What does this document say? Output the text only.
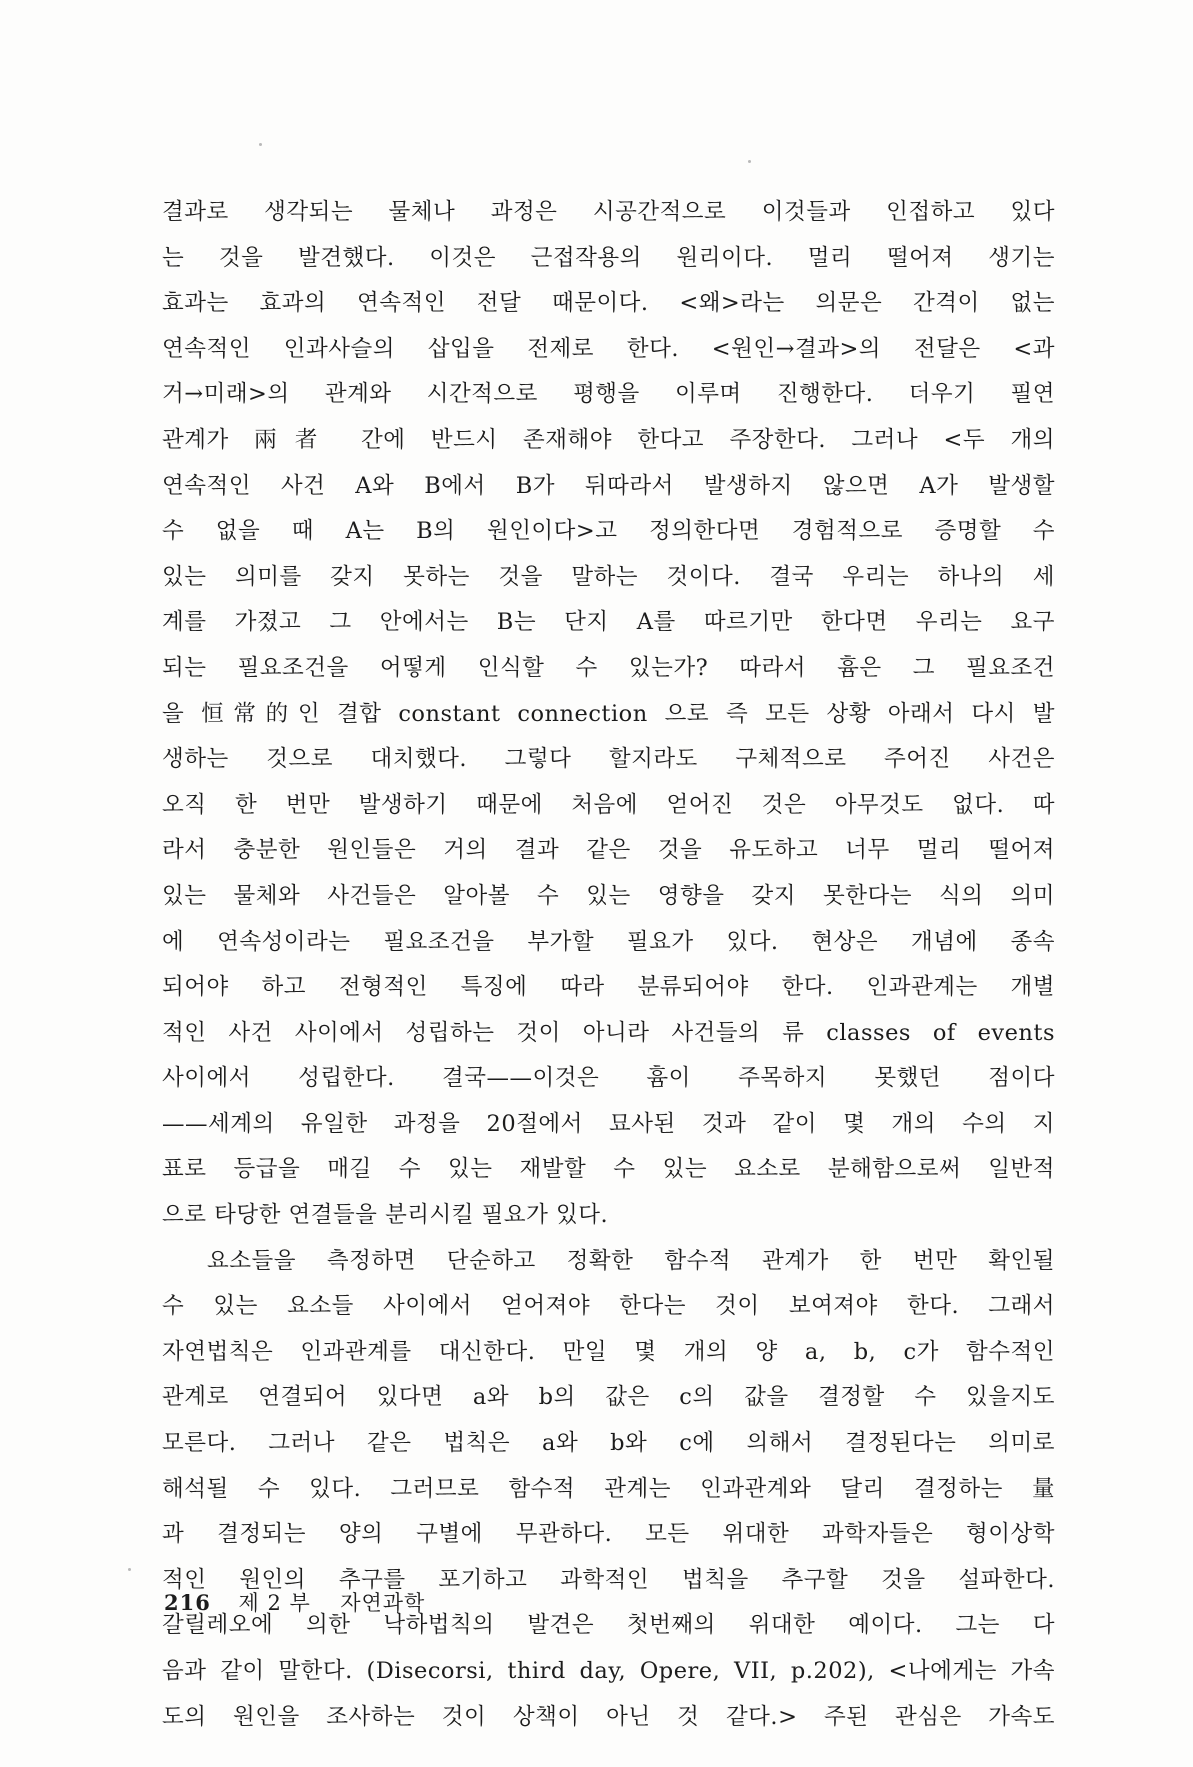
결과로 생각되는 물체나 과정은 시공간적으로 이것들과 인접하고 있다
는 것을 발견했다. 이것은 근접작용의 원리이다. 멀리 떨어져 생기는
효과는 효과의 연속적인 전달 때문이다. <왜>라는 의문은 간격이 없는
연속적인 인과사슬의 삽입을 전제로 한다. <원인→결과>의 전달은 <과
거→미래>의 관계와 시간적으로 평행을 이루며 진행한다. 더우기 필연
관계가 兩者 간에 반드시 존재해야 한다고 주장한다. 그러나 <두 개의
연속적인 사건 A와 B에서 B가 뒤따라서 발생하지 않으면 A가 발생할
수 없을 때 A는 B의 원인이다>고 정의한다면 경험적으로 증명할 수
있는 의미를 갖지 못하는 것을 말하는 것이다. 결국 우리는 하나의 세
계를 가졌고 그 안에서는 B는 단지 A를 따르기만 한다면 우리는 요구
되는 필요조건을 어떻게 인식할 수 있는가? 따라서 흄은 그 필요조건
을 恒常的인 결합 constant connection 으로 즉 모든 상황 아래서 다시 발
생하는 것으로 대치했다. 그렇다 할지라도 구체적으로 주어진 사건은
오직 한 번만 발생하기 때문에 처음에 얻어진 것은 아무것도 없다. 따
라서 충분한 원인들은 거의 결과 같은 것을 유도하고 너무 멀리 떨어져
있는 물체와 사건들은 알아볼 수 있는 영향을 갖지 못한다는 식의 의미
에 연속성이라는 필요조건을 부가할 필요가 있다. 현상은 개념에 종속
되어야 하고 전형적인 특징에 따라 분류되어야 한다. 인과관계는 개별
적인 사건 사이에서 성립하는 것이 아니라 사건들의 류 classes of events
사이에서 성립한다. 결국——이것은 흄이 주목하지 못했던 점이다
——세계의 유일한 과정을 20절에서 묘사된 것과 같이 몇 개의 수의 지
표로 등급을 매길 수 있는 재발할 수 있는 요소로 분해함으로써 일반적
으로 타당한 연결들을 분리시킬 필요가 있다.
요소들을 측정하면 단순하고 정확한 함수적 관계가 한 번만 확인될
수 있는 요소들 사이에서 얻어져야 한다는 것이 보여져야 한다. 그래서
자연법칙은 인과관계를 대신한다. 만일 몇 개의 양 a, b, c가 함수적인
관계로 연결되어 있다면 a와 b의 값은 c의 값을 결정할 수 있을지도
모른다. 그러나 같은 법칙은 a와 b와 c에 의해서 결정된다는 의미로
해석될 수 있다. 그러므로 함수적 관계는 인과관계와 달리 결정하는 量
과 결정되는 양의 구별에 무관하다. 모든 위대한 과학자들은 형이상학
적인 원인의 추구를 포기하고 과학적인 법칙을 추구할 것을 설파한다.
갈릴레오에 의한 낙하법칙의 발견은 첫번째의 위대한 예이다. 그는 다
음과 같이 말한다. (Disecorsi, third day, Opere, VII, p.202), <나에게는 가속
도의 원인을 조사하는 것이 상책이 아닌 것 같다.> 주된 관심은 가속도
216 제 2 부 자연과학
